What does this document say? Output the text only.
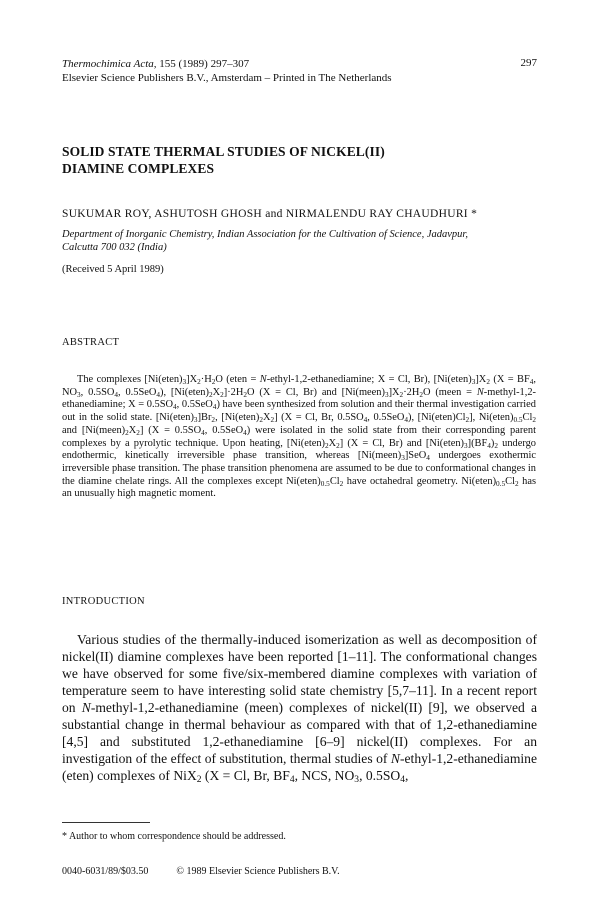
Thermochimica Acta, 155 (1989) 297–307
Elsevier Science Publishers B.V., Amsterdam – Printed in The Netherlands
297
SOLID STATE THERMAL STUDIES OF NICKEL(II)
DIAMINE COMPLEXES
SUKUMAR ROY, ASHUTOSH GHOSH and NIRMALENDU RAY CHAUDHURI *
Department of Inorganic Chemistry, Indian Association for the Cultivation of Science, Jadavpur,
Calcutta 700 032 (India)
(Received 5 April 1989)
ABSTRACT

The complexes $[Ni(eten)_3]X_2\cdot H_2O$ (eten = N-ethyl-1,2-ethanediamine; X = Cl, Br), $[Ni(eten)_3]X_2$ ($X = BF_4$, $NO_3$, $0.5SO_4$, 0.5SeO$_4$), $[Ni(eten)_2X_2]\cdot 2H_2O$ (X = Cl, Br) and $[Ni(meen)_3]X_2\cdot 2H_2O$ (meen = N-methyl-1,2-ethanediamine; $X = 0.5SO_4$, 0.5SeO$_4$) have been synthesized from solution and their thermal investigation carried out in the solid state. $[Ni(eten)_3]Br_2$, $[Ni(eten)_2X_2] (X = Cl$, Br, $0.5SO_4$, 0.5SeO$_4$), $[Ni(eten)Cl_2]$, $Ni(eten)_{0.5}Cl_2$ and $[Ni(meen)_2X_2] (X = 0.5SO_4$, 0.5SeO$_4$) were isolated in the solid state from their corresponding parent complexes by a pyrolytic technique. Upon heating, $[Ni(eten)_2X_2] (X = Cl$, Br) and $[Ni(eten)_3](BF_4)_2$ undergo endothermic, kinetically irreversible phase transition, whereas $[Ni(meen)_3]SeO_4$ undergoes exothermic irreversible phase transition. The phase transition phenomena are assumed to be due to conformational changes in the diamine chelate rings. All the complexes except $Ni(eten)_{0.5}Cl_2$ have octahedral geometry. $Ni(eten)_{0.5}Cl_2$ has an unusually high magnetic moment.

INTRODUCTION

Various studies of the thermally-induced isomerization as well as decomposition of nickel(II) diamine complexes have been reported [1–11]. The conformational changes we have observed for some five/six-membered diamine complexes with variation of temperature seem to have interesting solid state chemistry [5,7–11]. In a recent report on N-methyl-1,2-ethanediamine (meen) complexes of nickel(II) [9], we observed a substantial change in thermal behaviour as compared with that of 1,2-ethanediamine [4,5] and substituted 1,2-ethanediamine [6–9] nickel(II) complexes. For an investigation of the effect of substitution, thermal studies of N-ethyl-1,2-ethanediamine (eten) complexes of NiX$_2$ (X = Cl, Br, $BF_4$, NCS, $NO_3$, $0.5SO_4$,

* Author to whom correspondence should be addressed.
0040-6031/89/$03.50	© 1989 Elsevier Science Publishers B.V.
